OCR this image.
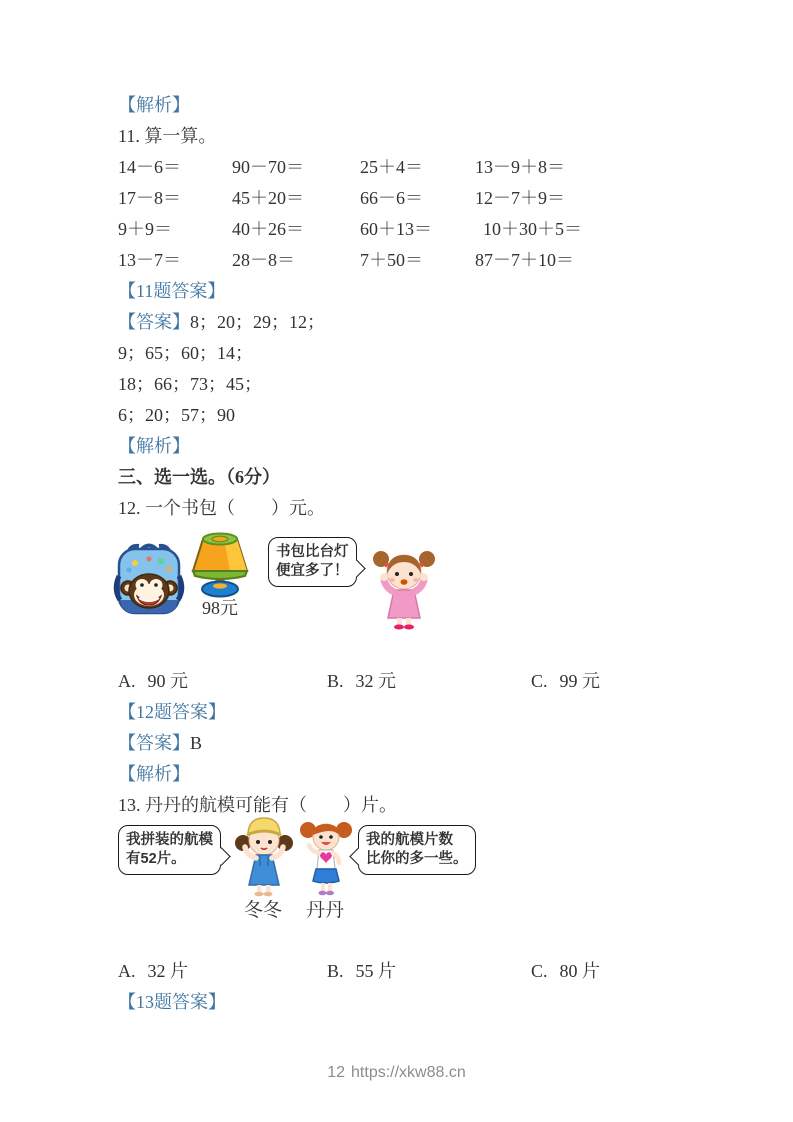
【解析】
11. 算一算。
14－6＝	90－70＝	25＋4＝	13－9＋8＝
17－8＝	45＋20＝	66－6＝	12－7＋9＝
9＋9＝	40＋26＝	60＋13＝	10＋30＋5＝
13－7＝	28－8＝	7＋50＝	87－7＋10＝
【11题答案】
【答案】8；20；29；12；
9；65；60；14；
18；66；73；45；
6；20；57；90
【解析】
三、选一选。（6分）
12. 一个书包（　　）元。
98元
书包比台灯
便宜多了！
A. 90 元	B. 32 元	C. 99 元
【12题答案】
【答案】B
【解析】
13. 丹丹的航模可能有（　　）片。
我拼装的航模
有52片。
我的航模片数
比你的多一些。
冬冬	丹丹
A. 32 片	B. 55 片	C. 80 片
【13题答案】
12 https://xkw88.cn
